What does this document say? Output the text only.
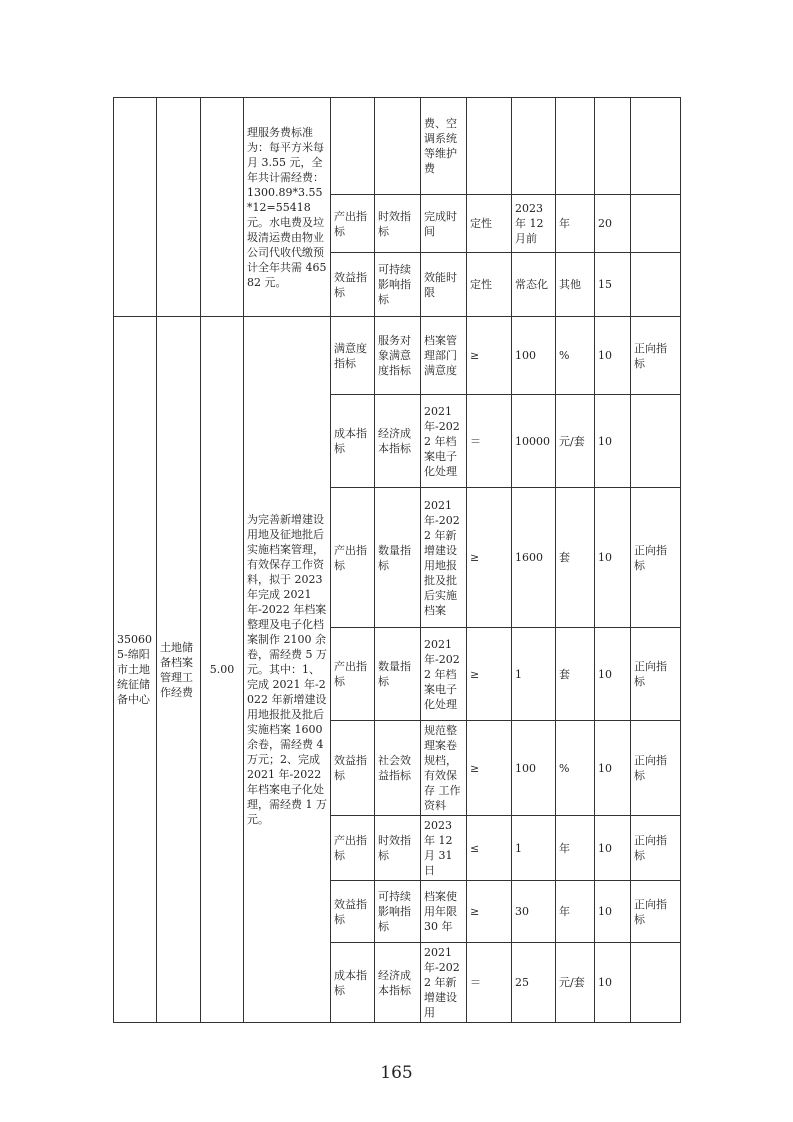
			理服务费标准为：每平方米每月 3.55 元，全年共计需经费：1300.89*3.55*12=55418 元。水电费及垃圾清运费由物业公司代收代缴预计全年共需 46582 元。			费、空调系统等维护费					
				产出指标	时效指标	完成时间	定性	2023 年 12 月前	年	20	
				效益指标	可持续影响指标	效能时限	定性	常态化	其他	15	
350605-绵阳市土地统征储备中心	土地储备档案管理工作经费	5.00	为完善新增建设用地及征地批后实施档案管理，有效保存工作资料，拟于 2023 年完成 2021 年-2022 年档案整理及电子化档案制作 2100 余卷，需经费 5 万元。其中：1、完成 2021 年-2022 年新增建设用地报批及批后实施档案 1600 余卷，需经费 4 万元；2、完成 2021 年-2022 年档案电子化处理，需经费 1 万元。	满意度指标	服务对象满意度指标	档案管理部门满意度	≥	100	%	10	正向指标
				成本指标	经济成本指标	2021 年-2022 年档案电子化处理	＝	10000	元/套	10	
				产出指标	数量指标	2021 年-2022 年新增建设用地报批及批后实施档案	≥	1600	套	10	正向指标
				产出指标	数量指标	2021 年-2022 年档案电子化处理	≥	1	套	10	正向指标
				效益指标	社会效益指标	规范整理案卷规档，有效保存 工作资料	≥	100	%	10	正向指标
				产出指标	时效指标	2023 年 12 月 31 日	≤	1	年	10	正向指标
				效益指标	可持续影响指标	档案使用年限 30 年	≥	30	年	10	正向指标
				成本指标	经济成本指标	2021 年-2022 年新增建设用	＝	25	元/套	10	
165
